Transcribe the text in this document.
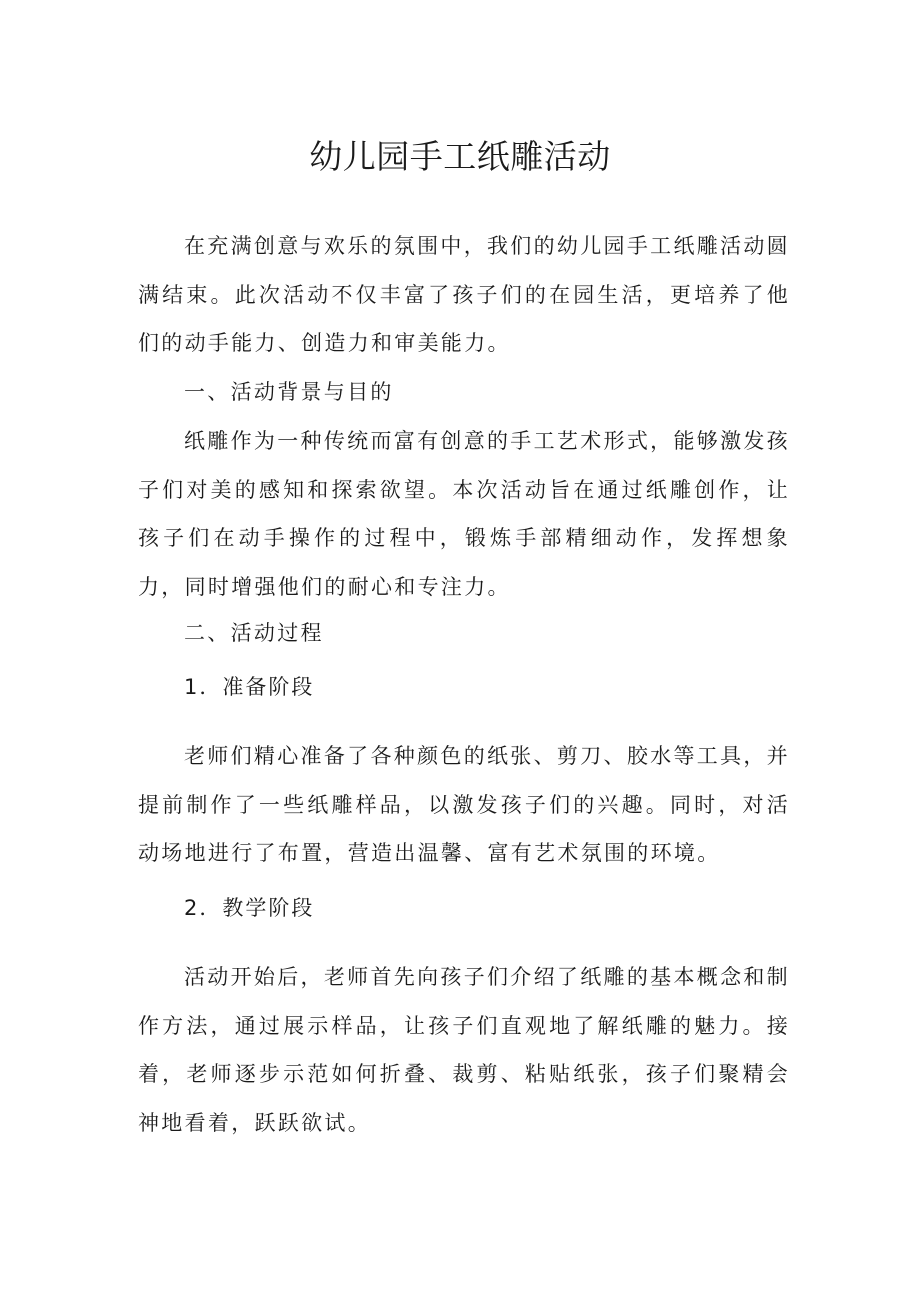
幼儿园手工纸雕活动

在充满创意与欢乐的氛围中，我们的幼儿园手工纸雕活动圆满结束。此次活动不仅丰富了孩子们的在园生活，更培养了他们的动手能力、创造力和审美能力。

一、活动背景与目的

纸雕作为一种传统而富有创意的手工艺术形式，能够激发孩子们对美的感知和探索欲望。本次活动旨在通过纸雕创作，让孩子们在动手操作的过程中，锻炼手部精细动作，发挥想象力，同时增强他们的耐心和专注力。

二、活动过程

1．准备阶段

老师们精心准备了各种颜色的纸张、剪刀、胶水等工具，并提前制作了一些纸雕样品，以激发孩子们的兴趣。同时，对活动场地进行了布置，营造出温馨、富有艺术氛围的环境。

2．教学阶段

活动开始后，老师首先向孩子们介绍了纸雕的基本概念和制作方法，通过展示样品，让孩子们直观地了解纸雕的魅力。接着，老师逐步示范如何折叠、裁剪、粘贴纸张，孩子们聚精会神地看着，跃跃欲试。
